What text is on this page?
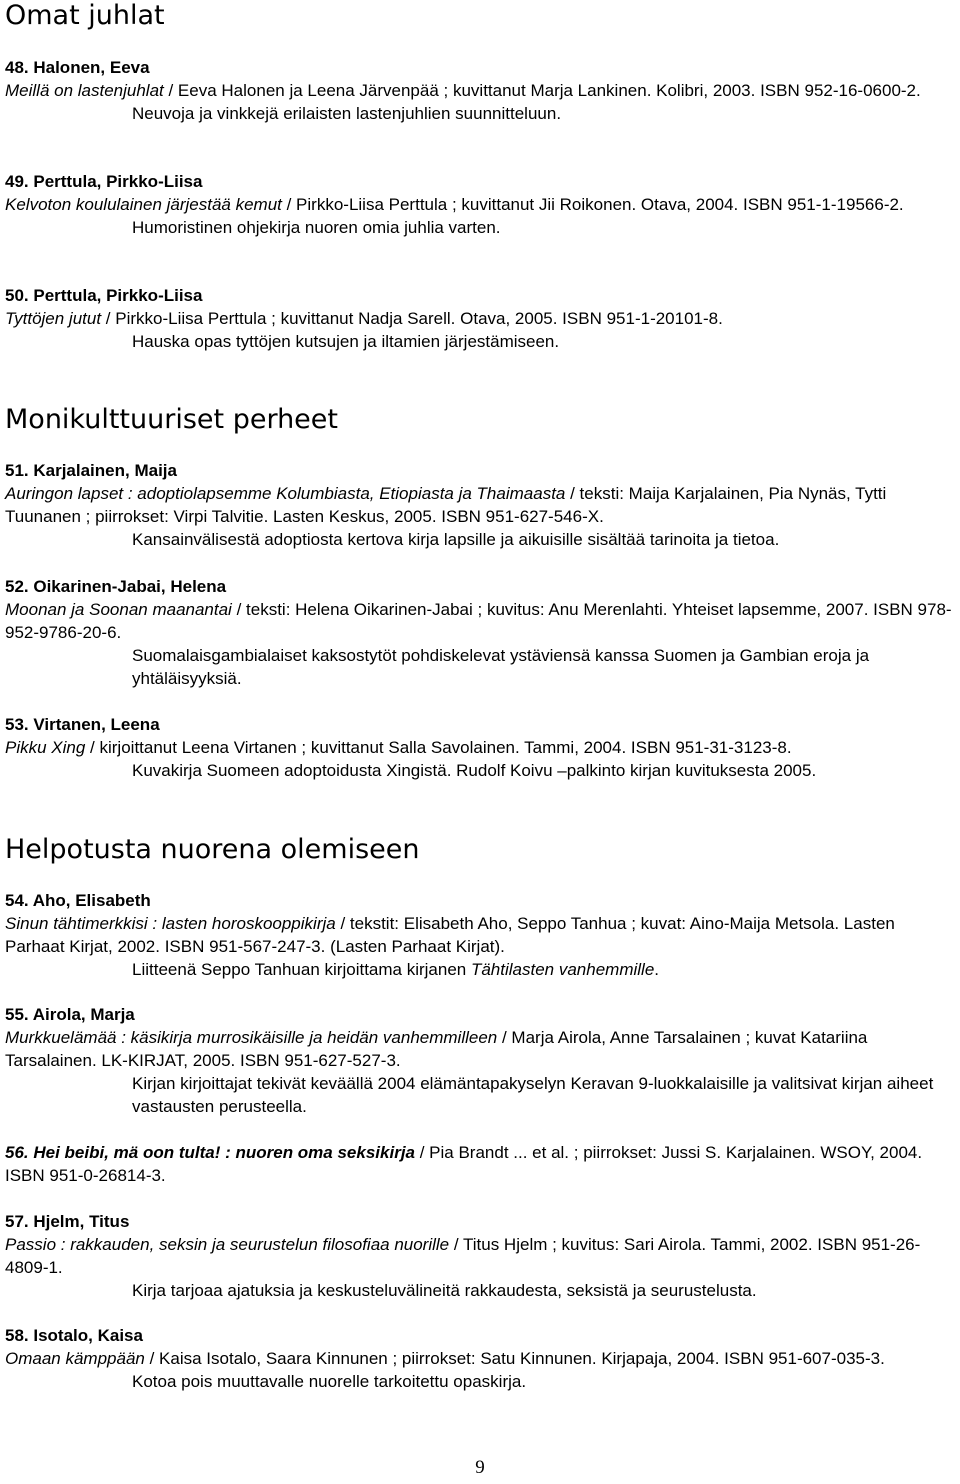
Omat juhlat
48. Halonen, Eeva
Meillä on lastenjuhlat / Eeva Halonen ja Leena Järvenpää ; kuvittanut Marja Lankinen. Kolibri, 2003. ISBN 952-16-0600-2.
Neuvoja ja vinkkejä erilaisten lastenjuhlien suunnitteluun.
49. Perttula, Pirkko-Liisa
Kelvoton koululainen järjestää kemut / Pirkko-Liisa Perttula ; kuvittanut Jii Roikonen. Otava, 2004. ISBN 951-1-19566-2.
Humoristinen ohjekirja nuoren omia juhlia varten.
50. Perttula, Pirkko-Liisa
Tyttöjen jutut / Pirkko-Liisa Perttula ; kuvittanut Nadja Sarell. Otava, 2005. ISBN 951-1-20101-8.
Hauska opas tyttöjen kutsujen ja iltamien järjestämiseen.
Monikulttuuriset perheet
51. Karjalainen, Maija
Auringon lapset : adoptiolapsemme Kolumbiasta, Etiopiasta ja Thaimaasta / teksti: Maija Karjalainen, Pia Nynäs, Tytti Tuunanen ; piirrokset: Virpi Talvitie. Lasten Keskus, 2005. ISBN 951-627-546-X.
Kansainvälisestä adoptiosta kertova kirja lapsille ja aikuisille sisältää tarinoita ja tietoa.
52. Oikarinen-Jabai, Helena
Moonan ja Soonan maanantai / teksti: Helena Oikarinen-Jabai ; kuvitus: Anu Merenlahti. Yhteiset lapsemme, 2007. ISBN 978-952-9786-20-6.
Suomalaisgambialaiset kaksostytöt pohdiskelevat ystäviensä kanssa Suomen ja Gambian eroja ja yhtäläisyyksiä.
53. Virtanen, Leena
Pikku Xing / kirjoittanut Leena Virtanen ; kuvittanut Salla Savolainen. Tammi, 2004. ISBN 951-31-3123-8.
Kuvakirja Suomeen adoptoidusta Xingistä. Rudolf Koivu –palkinto kirjan kuvituksesta 2005.
Helpotusta nuorena olemiseen
54. Aho, Elisabeth
Sinun tähtimerkkisi : lasten horoskooppikirja / tekstit: Elisabeth Aho, Seppo Tanhua ; kuvat: Aino-Maija Metsola. Lasten Parhaat Kirjat, 2002. ISBN 951-567-247-3. (Lasten Parhaat Kirjat).
Liitteenä Seppo Tanhuan kirjoittama kirjanen Tähtilasten vanhemmille.
55. Airola, Marja
Murkkuelämää : käsikirja murrosikäisille ja heidän vanhemmilleen / Marja Airola, Anne Tarsalainen ; kuvat Katariina Tarsalainen. LK-KIRJAT, 2005. ISBN 951-627-527-3.
Kirjan kirjoittajat tekivät keväällä 2004 elämäntapakyselyn Keravan 9-luokkalaisille ja valitsivat kirjan aiheet vastausten perusteella.
56. Hei beibi, mä oon tulta! : nuoren oma seksikirja / Pia Brandt ... et al. ; piirrokset: Jussi S. Karjalainen. WSOY, 2004. ISBN 951-0-26814-3.
57. Hjelm, Titus
Passio : rakkauden, seksin ja seurustelun filosofiaa nuorille / Titus Hjelm ; kuvitus: Sari Airola. Tammi, 2002. ISBN 951-26-4809-1.
Kirja tarjoaa ajatuksia ja keskusteluvälineitä rakkaudesta, seksistä ja seurustelusta.
58. Isotalo, Kaisa
Omaan kämppään / Kaisa Isotalo, Saara Kinnunen ; piirrokset: Satu Kinnunen. Kirjapaja, 2004. ISBN 951-607-035-3.
Kotoa pois muuttavalle nuorelle tarkoitettu opaskirja.
9
